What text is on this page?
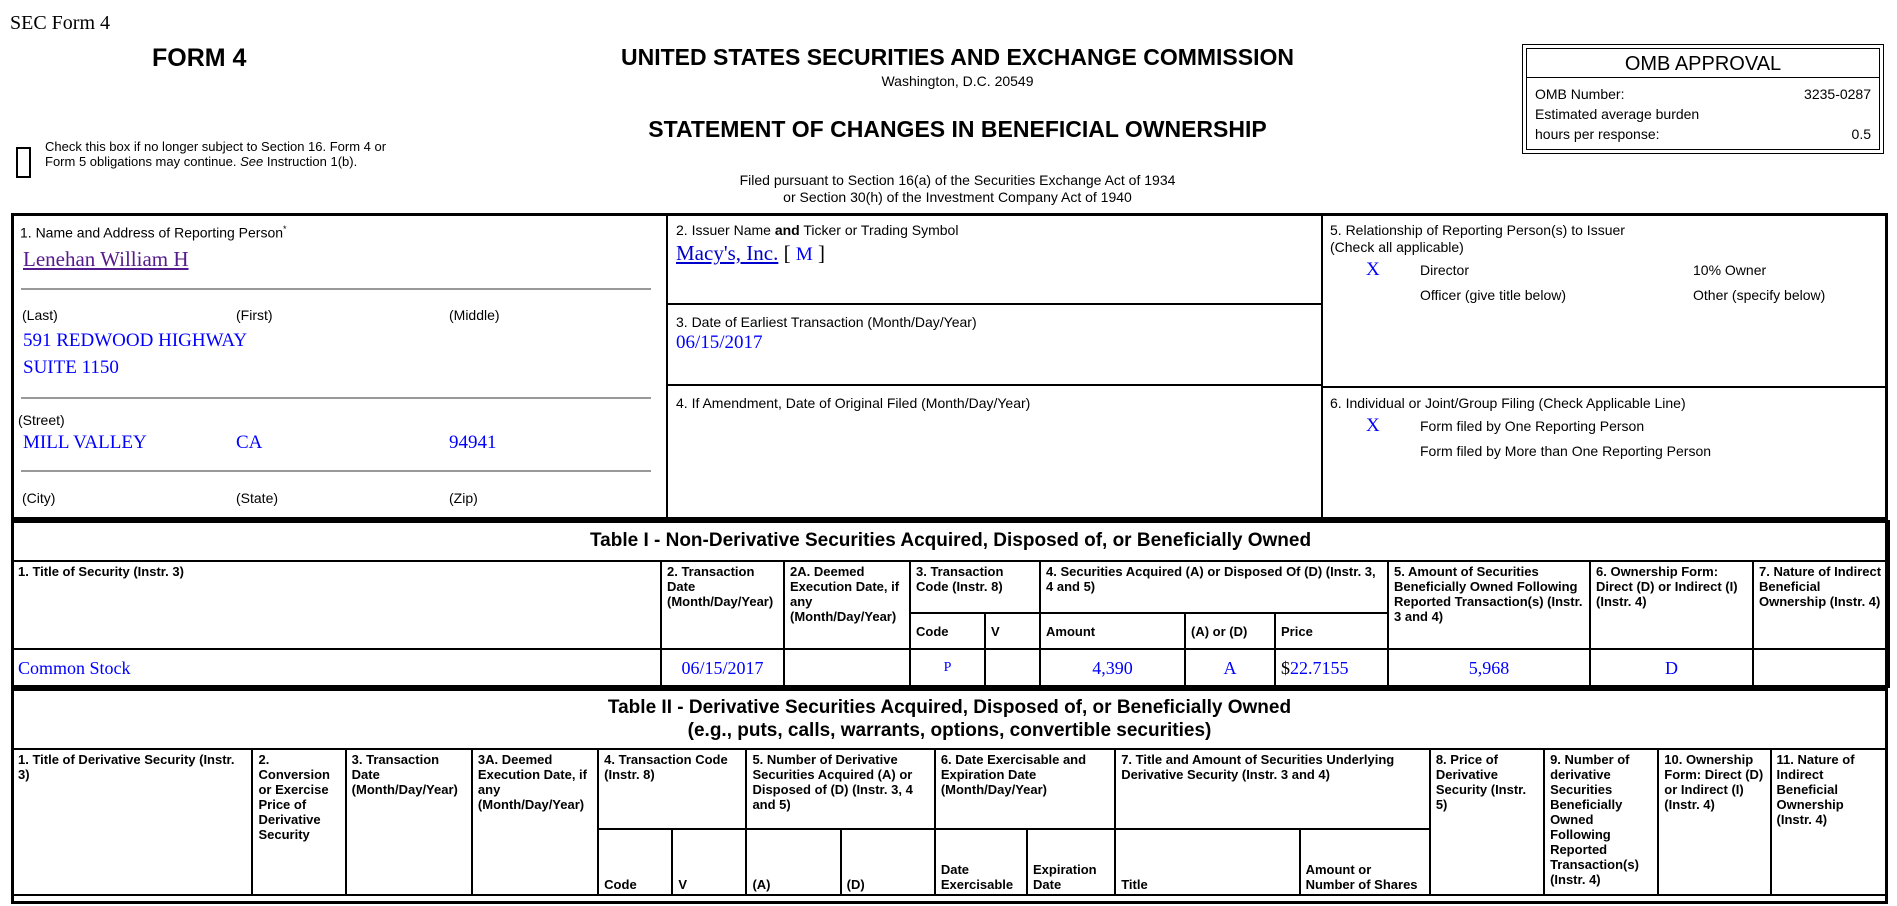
SEC Form 4
FORM 4	UNITED STATES SECURITIES AND EXCHANGE COMMISSION
Washington, D.C. 20549
STATEMENT OF CHANGES IN BENEFICIAL OWNERSHIP
Filed pursuant to Section 16(a) of the Securities Exchange Act of 1934
or Section 30(h) of the Investment Company Act of 1940
Check this box if no longer subject to Section 16. Form 4 or Form 5 obligations may continue. See Instruction 1(b).
OMB APPROVAL
OMB Number:	3235-0287
Estimated average burden
hours per response:	0.5
1. Name and Address of Reporting Person*
Lenehan William H
(Last)	(First)	(Middle)
591 REDWOOD HIGHWAY
SUITE 1150
(Street)
MILL VALLEY	CA	94941
(City)	(State)	(Zip)
2. Issuer Name and Ticker or Trading Symbol
Macy's, Inc. [ M ]
3. Date of Earliest Transaction (Month/Day/Year)
06/15/2017
4. If Amendment, Date of Original Filed (Month/Day/Year)
5. Relationship of Reporting Person(s) to Issuer
(Check all applicable)
X	Director	10% Owner
Officer (give title below)	Other (specify below)
6. Individual or Joint/Group Filing (Check Applicable Line)
X	Form filed by One Reporting Person
Form filed by More than One Reporting Person
Table I - Non-Derivative Securities Acquired, Disposed of, or Beneficially Owned										
1. Title of Security (Instr. 3)	2. Transaction Date (Month/Day/Year)	2A. Deemed Execution Date, if any (Month/Day/Year)	3. Transaction Code (Instr. 8)		4. Securities Acquired (A) or Disposed Of (D) (Instr. 3, 4 and 5)			5. Amount of Securities Beneficially Owned Following Reported Transaction(s) (Instr. 3 and 4)	6. Ownership Form: Direct (D) or Indirect (I) (Instr. 4)	7. Nature of Indirect Beneficial Ownership (Instr. 4)
			Code	V	Amount	(A) or (D)	Price			
Common Stock	06/15/2017		P		4,390	A	$22.7155	5,968	D	
Table II - Derivative Securities Acquired, Disposed of, or Beneficially Owned
(e.g., puts, calls, warrants, options, convertible securities)															

1. Title of Derivative Security (Instr. 3)	2. Conversion or Exercise Price of Derivative Security	3. Transaction Date (Month/Day/Year)	3A. Deemed Execution Date, if any (Month/Day/Year)	4. Transaction Code (Instr. 8)		5. Number of Derivative Securities Acquired (A) or Disposed of (D) (Instr. 3, 4 and 5)		6. Date Exercisable and Expiration Date (Month/Day/Year)		7. Title and Amount of Securities Underlying Derivative Security (Instr. 3 and 4)		8. Price of Derivative Security (Instr. 5)	9. Number of derivative Securities Beneficially Owned Following Reported Transaction(s) (Instr. 4)	10. Ownership Form: Direct (D) or Indirect (I) (Instr. 4)	11. Nature of Indirect Beneficial Ownership (Instr. 4)
				Code	V	(A)	(D)	Date Exercisable	Expiration Date	Title	Amount or Number of Shares				
